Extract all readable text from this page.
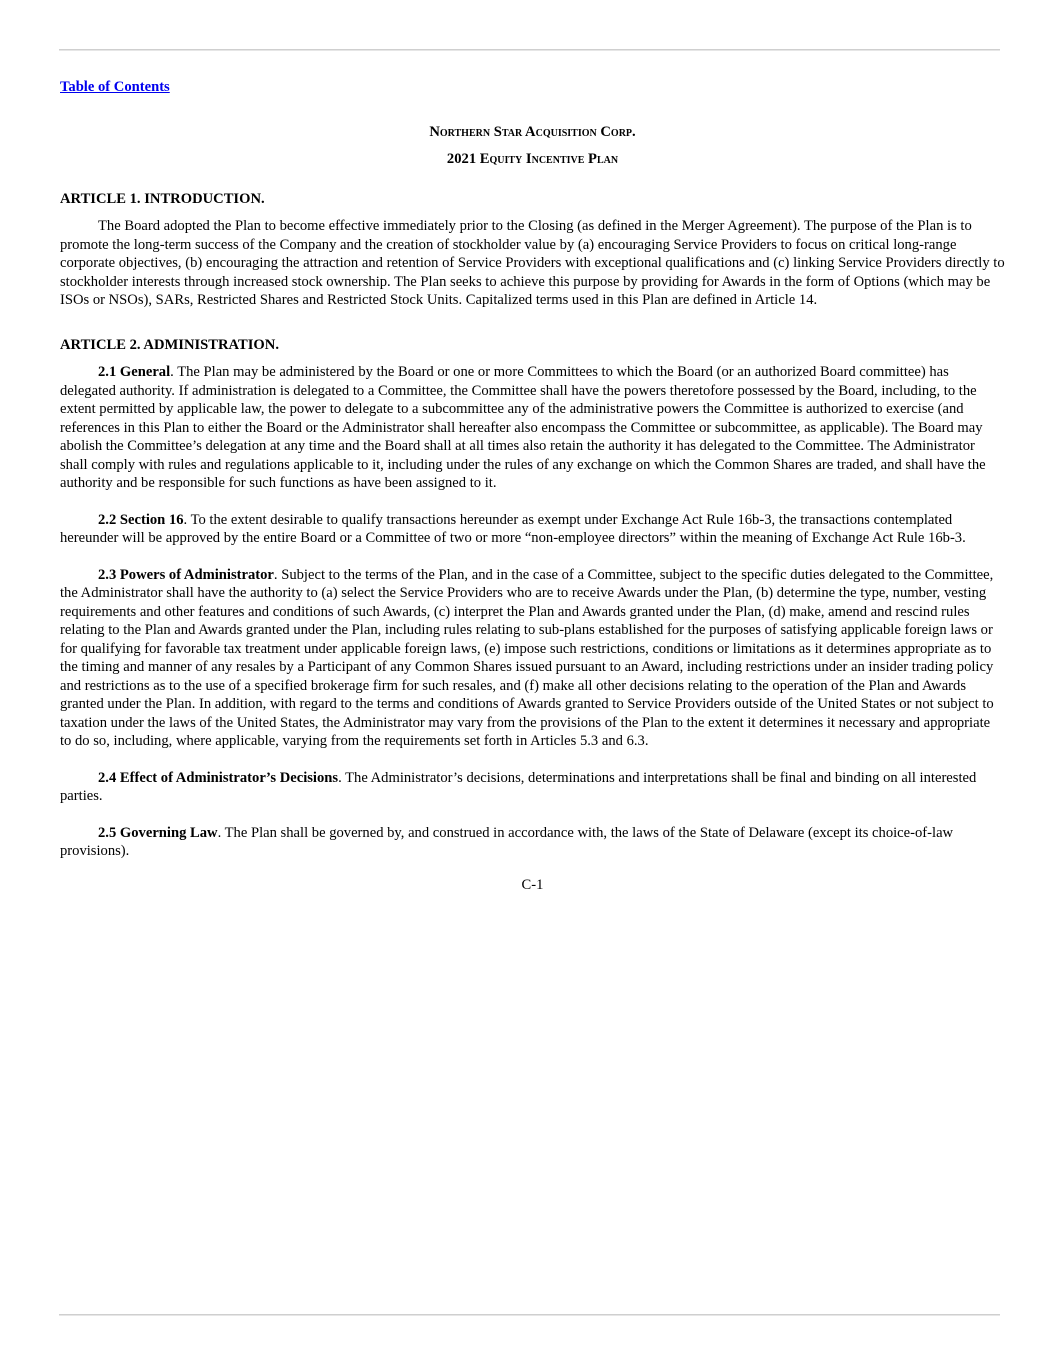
Table of Contents
Northern Star Acquisition Corp.
2021 Equity Incentive Plan
ARTICLE 1. INTRODUCTION.

The Board adopted the Plan to become effective immediately prior to the Closing (as defined in the Merger Agreement). The purpose of the Plan is to promote the long-term success of the Company and the creation of stockholder value by (a) encouraging Service Providers to focus on critical long-range corporate objectives, (b) encouraging the attraction and retention of Service Providers with exceptional qualifications and (c) linking Service Providers directly to stockholder interests through increased stock ownership. The Plan seeks to achieve this purpose by providing for Awards in the form of Options (which may be ISOs or NSOs), SARs, Restricted Shares and Restricted Stock Units. Capitalized terms used in this Plan are defined in Article 14.

ARTICLE 2. ADMINISTRATION.

2.1 General. The Plan may be administered by the Board or one or more Committees to which the Board (or an authorized Board committee) has delegated authority. If administration is delegated to a Committee, the Committee shall have the powers theretofore possessed by the Board, including, to the extent permitted by applicable law, the power to delegate to a subcommittee any of the administrative powers the Committee is authorized to exercise (and references in this Plan to either the Board or the Administrator shall hereafter also encompass the Committee or subcommittee, as applicable). The Board may abolish the Committee’s delegation at any time and the Board shall at all times also retain the authority it has delegated to the Committee. The Administrator shall comply with rules and regulations applicable to it, including under the rules of any exchange on which the Common Shares are traded, and shall have the authority and be responsible for such functions as have been assigned to it.

2.2 Section 16. To the extent desirable to qualify transactions hereunder as exempt under Exchange Act Rule 16b-3, the transactions contemplated hereunder will be approved by the entire Board or a Committee of two or more “non-employee directors” within the meaning of Exchange Act Rule 16b-3.

2.3 Powers of Administrator. Subject to the terms of the Plan, and in the case of a Committee, subject to the specific duties delegated to the Committee, the Administrator shall have the authority to (a) select the Service Providers who are to receive Awards under the Plan, (b) determine the type, number, vesting requirements and other features and conditions of such Awards, (c) interpret the Plan and Awards granted under the Plan, (d) make, amend and rescind rules relating to the Plan and Awards granted under the Plan, including rules relating to sub-plans established for the purposes of satisfying applicable foreign laws or for qualifying for favorable tax treatment under applicable foreign laws, (e) impose such restrictions, conditions or limitations as it determines appropriate as to the timing and manner of any resales by a Participant of any Common Shares issued pursuant to an Award, including restrictions under an insider trading policy and restrictions as to the use of a specified brokerage firm for such resales, and (f) make all other decisions relating to the operation of the Plan and Awards granted under the Plan. In addition, with regard to the terms and conditions of Awards granted to Service Providers outside of the United States or not subject to taxation under the laws of the United States, the Administrator may vary from the provisions of the Plan to the extent it determines it necessary and appropriate to do so, including, where applicable, varying from the requirements set forth in Articles 5.3 and 6.3.

2.4 Effect of Administrator’s Decisions. The Administrator’s decisions, determinations and interpretations shall be final and binding on all interested parties.

2.5 Governing Law. The Plan shall be governed by, and construed in accordance with, the laws of the State of Delaware (except its choice-of-law provisions).

C-1
